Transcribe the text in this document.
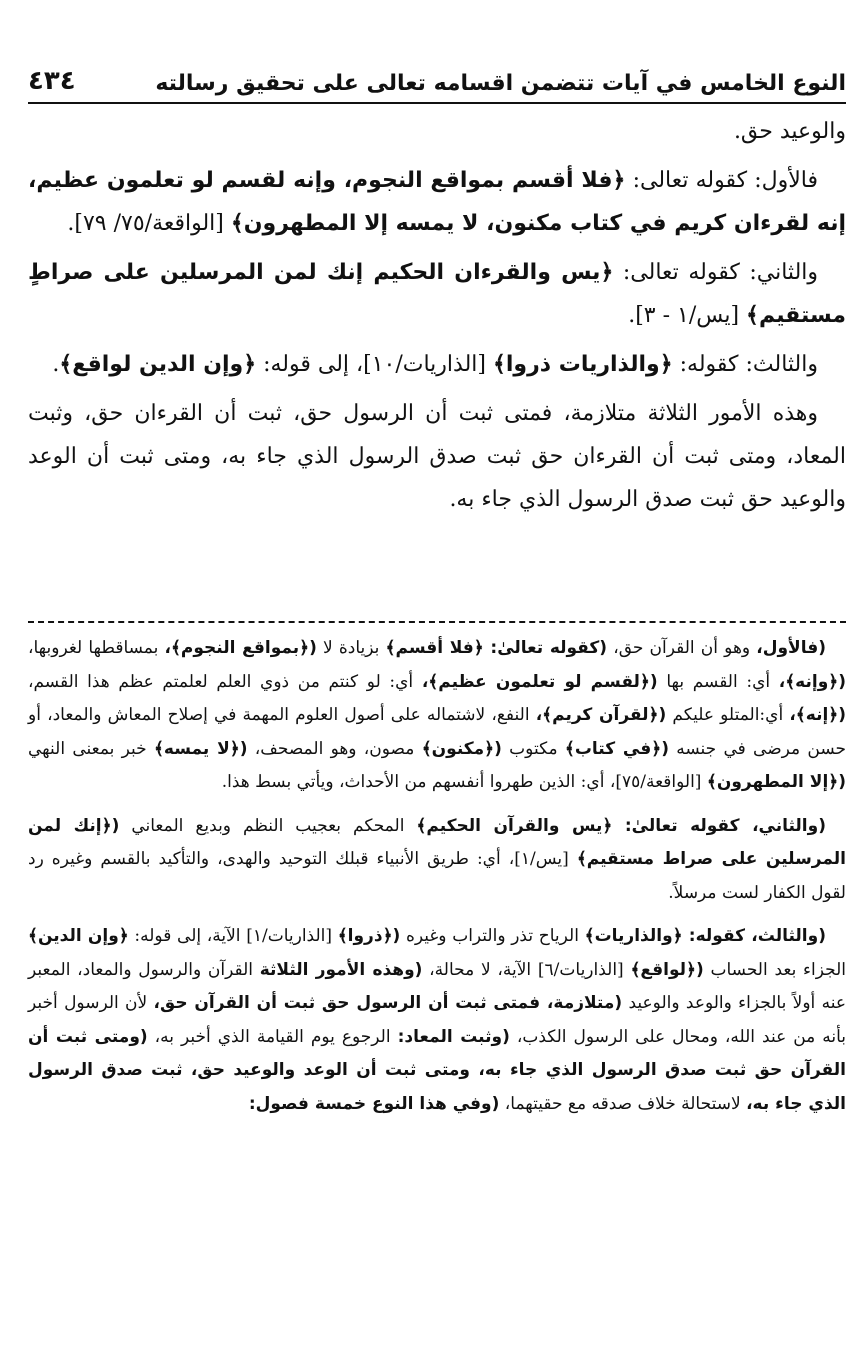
النوع الخامس في آيات تتضمن اقسامه تعالى على تحقيق رسالته
٤٣٤

والوعيد حق.

فالأول: كقوله تعالى: ﴿فلا أقسم بمواقع النجوم، وإنه لقسم لو تعلمون عظيم، إنه لقرءان كريم في كتاب مكنون، لا يمسه إلا المطهرون﴾ [الواقعة/٧٥/ ٧٩].

والثاني: كقوله تعالى: ﴿يس والقرءان الحكيم إنك لمن المرسلين على صراطٍ مستقيم﴾ [يس/١ - ٣].

والثالث: كقوله: ﴿والذاريات ذروا﴾ [الذاريات/١٠]، إلى قوله: ﴿وإن الدين لواقع﴾.

وهذه الأمور الثلاثة متلازمة، فمتى ثبت أن الرسول حق، ثبت أن القرءان حق، وثبت المعاد، ومتى ثبت أن القرءان حق ثبت صدق الرسول الذي جاء به، ومتى ثبت أن الوعد والوعيد حق ثبت صدق الرسول الذي جاء به.

(فالأول، وهو أن القرآن حق، (كقوله تعالىٰ: ﴿فلا أقسم﴾ بزيادة لا (﴿بمواقع النجوم﴾، بمساقطها لغروبها، (﴿وإنه﴾، أي: القسم بها (﴿لقسم لو تعلمون عظيم﴾، أي: لو كنتم من ذوي العلم لعلمتم عظم هذا القسم، (﴿إنه﴾، أي:المتلو عليكم (﴿لقرآن كريم﴾، النفع، لاشتماله على أصول العلوم المهمة في إصلاح المعاش والمعاد، أو حسن مرضى في جنسه (﴿في كتاب﴾ مكتوب (﴿مكنون﴾ مصون، وهو المصحف، (﴿لا يمسه﴾ خبر بمعنى النهي (﴿إلا المطهرون﴾ [الواقعة/٧٥]، أي: الذين طهروا أنفسهم من الأحداث، ويأتي بسط هذا.

(والثاني، كقوله تعالىٰ: ﴿يس والقرآن الحكيم﴾ المحكم بعجيب النظم وبديع المعاني (﴿إنك لمن المرسلين على صراط مستقيم﴾ [يس/١]، أي: طريق الأنبياء قبلك التوحيد والهدى، والتأكيد بالقسم وغيره رد لقول الكفار لست مرسلاً.

(والثالث، كقوله: ﴿والذاريات﴾ الرياح تذر والتراب وغيره (﴿ذروا﴾ [الذاريات/١] الآية، إلى قوله: ﴿وإن الدين﴾ الجزاء بعد الحساب (﴿لواقع﴾ [الذاريات/٦] الآية، لا محالة، (وهذه الأمور الثلاثة القرآن والرسول والمعاد، المعبر عنه أولاً بالجزاء والوعد والوعيد (متلازمة، فمتى ثبت أن الرسول حق ثبت أن القرآن حق، لأن الرسول أخبر بأنه من عند الله، ومحال على الرسول الكذب، (وثبت المعاد: الرجوع يوم القيامة الذي أخبر به، (ومتى ثبت أن القرآن حق ثبت صدق الرسول الذي جاء به، ومتى ثبت أن الوعد والوعيد حق، ثبت صدق الرسول الذي جاء به، لاستحالة خلاف صدقه مع حقيتهما، (وفي هذا النوع خمسة فصول:
